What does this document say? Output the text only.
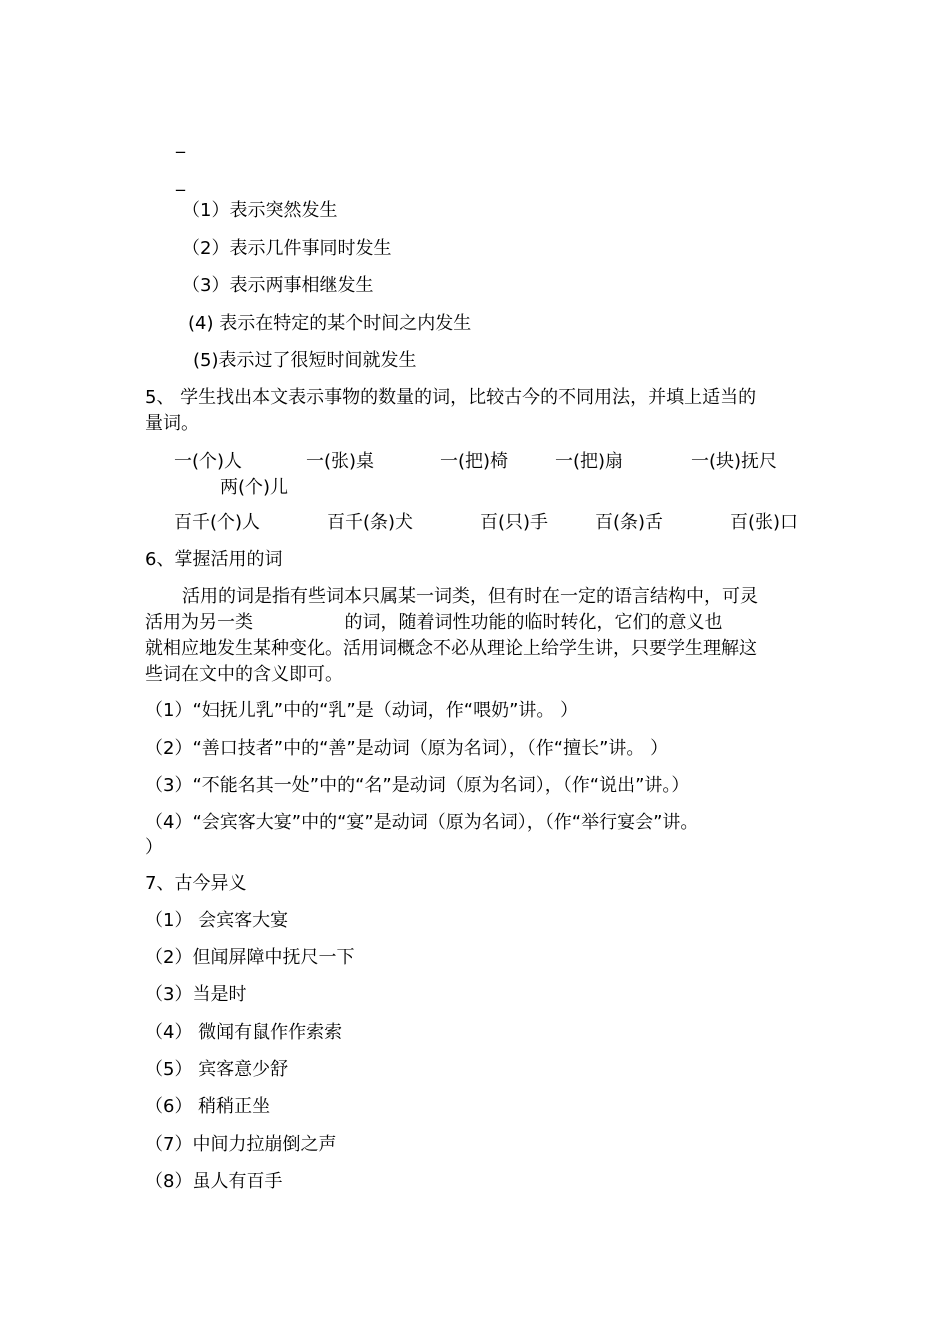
_
_
（1）表示突然发生
（2）表示几件事同时发生
（3）表示两事相继发生
(4) 表示在特定的某个时间之内发生
(5)表示过了很短时间就发生
5、 学生找出本文表示事物的数量的词，比较古今的不同用法，并填上适当的
量词。
一(个)人	一(张)桌	一(把)椅	一(把)扇	一(块)抚尺
两(个)儿
百千(个)人	百千(条)犬	百(只)手	百(条)舌	百(张)口
6、掌握活用的词
活用的词是指有些词本只属某一词类，但有时在一定的语言结构中，可灵
活用为另一类                的词，随着词性功能的临时转化，它们的意义也
就相应地发生某种变化。活用词概念不必从理论上给学生讲，只要学生理解这
些词在文中的含义即可。
（1）“妇抚儿乳”中的“乳”是（动词，作“喂奶”讲。 ）
（2）“善口技者”中的“善”是动词（原为名词），（作“擅长”讲。 ）
（3）“不能名其一处”中的“名”是动词（原为名词），（作“说出”讲。）
（4）“会宾客大宴”中的“宴”是动词（原为名词），（作“举行宴会”讲。
）
7、古今异义
（1） 会宾客大宴
（2）但闻屏障中抚尺一下
（3）当是时
（4） 微闻有鼠作作索索
（5） 宾客意少舒
（6） 稍稍正坐
（7）中间力拉崩倒之声
（8）虽人有百手
